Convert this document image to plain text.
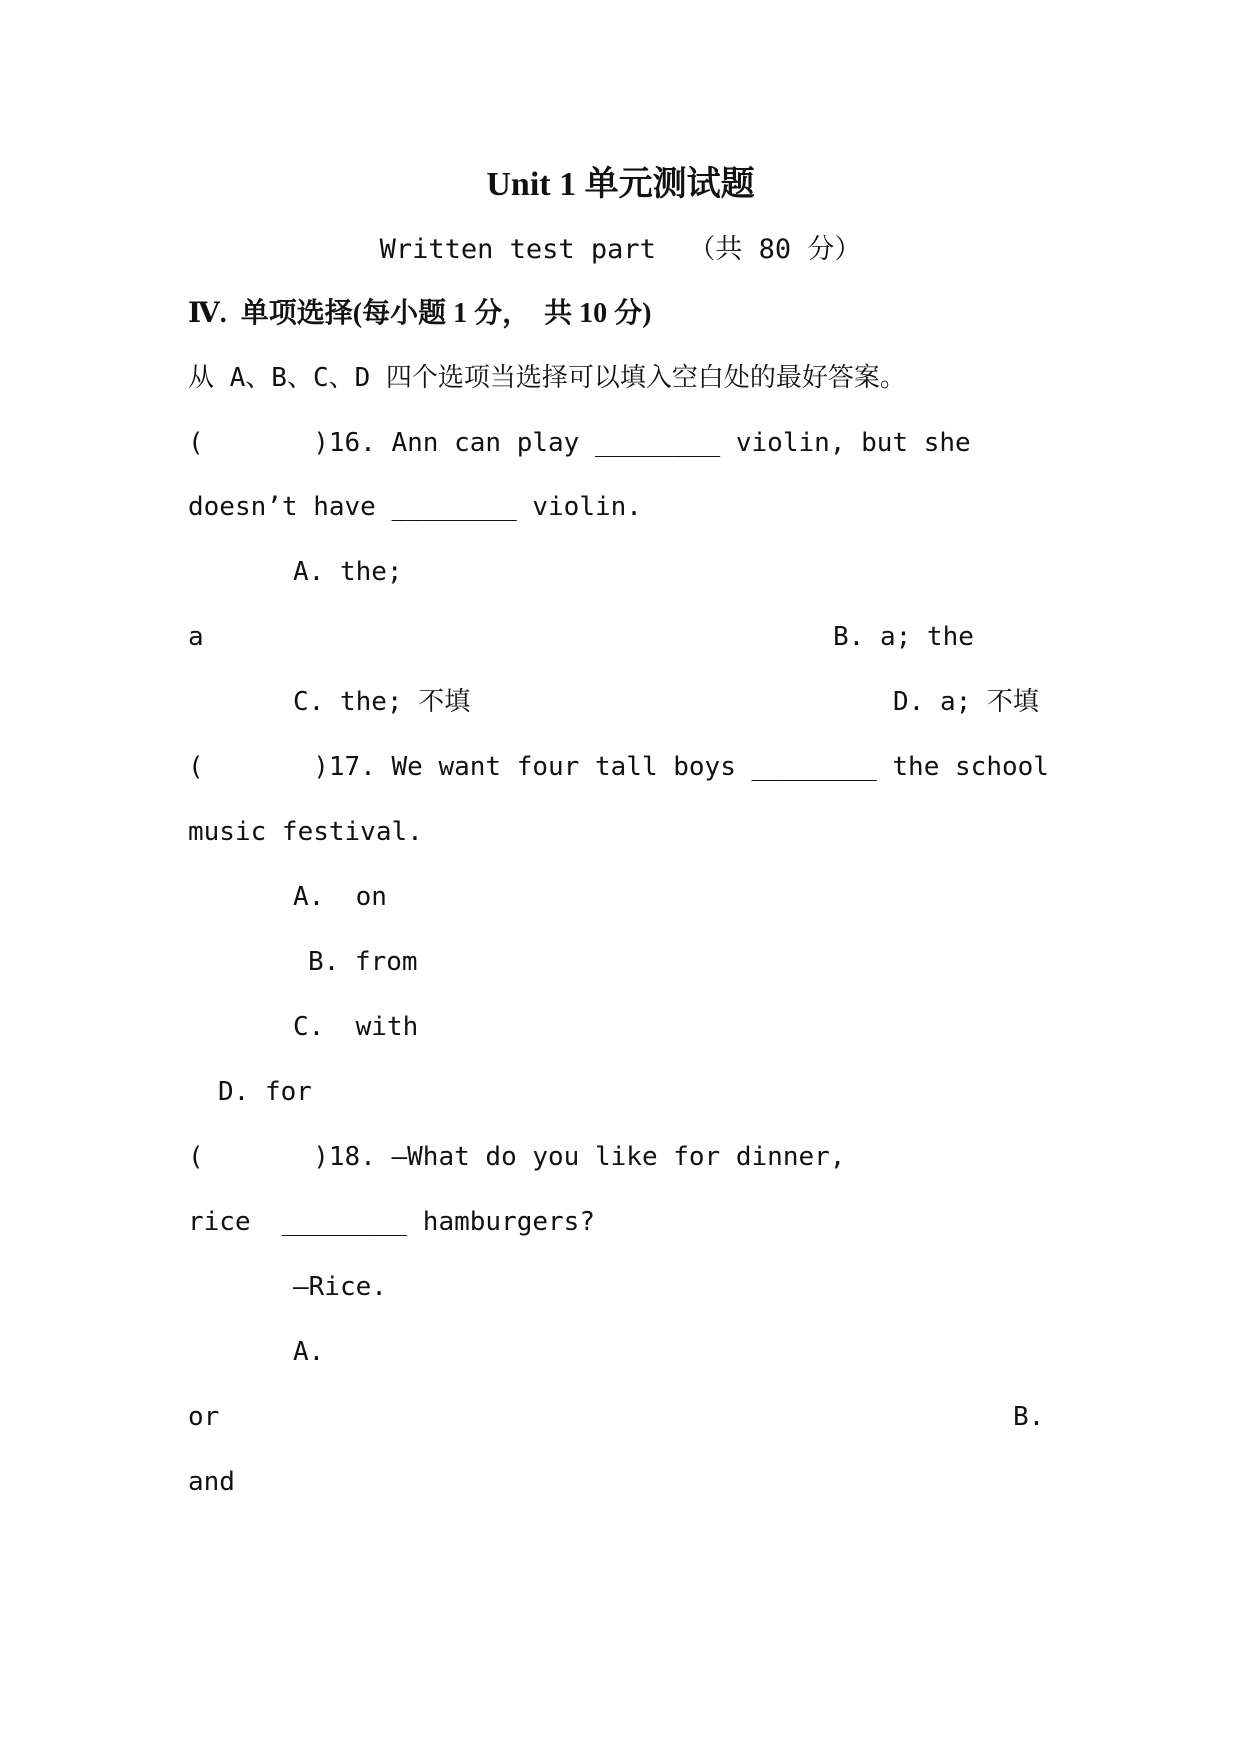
Unit 1 单元测试题
Written test part  （共 80 分）
Ⅳ.  单项选择(每小题 1 分，  共 10 分)
从 A、B、C、D 四个选项当选择可以填入空白处的最好答案。
(       )16. Ann can play ________ violin, but she
doesn’t have ________ violin.
A. the;
a	B. a; the
C. the; 不填	D. a; 不填
(       )17. We want four tall boys ________ the school
music festival.
A.  on
B. from
C.  with
D. for
(       )18. —What do you like for dinner,
rice  ________ hamburgers?
—Rice.
A.
or	B.
and
